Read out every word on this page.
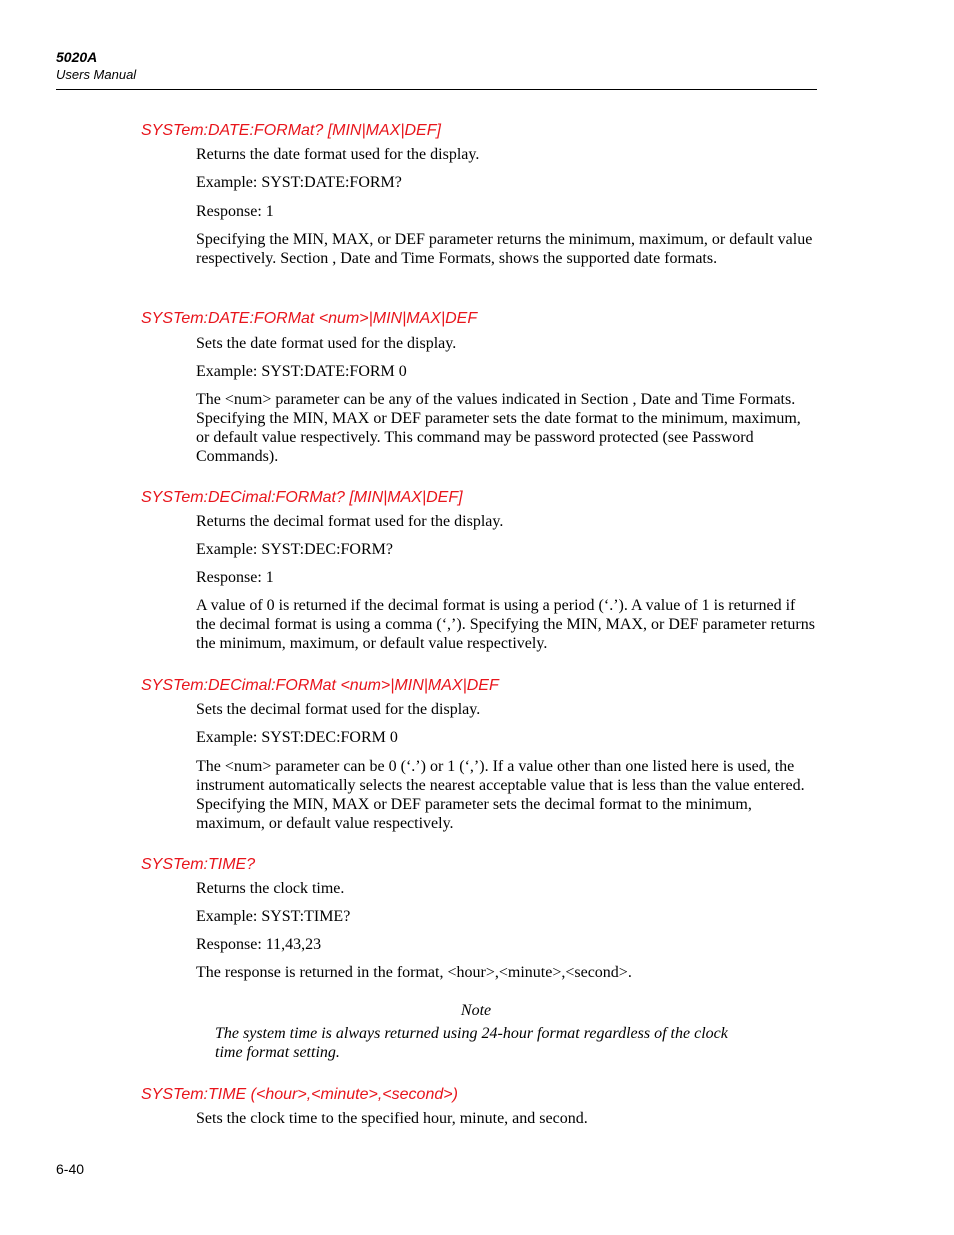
5020A
Users Manual
SYSTem:DATE:FORMat? [MIN|MAX|DEF]
Returns the date format used for the display.
Example: SYST:DATE:FORM?
Response: 1
Specifying the MIN, MAX, or DEF parameter returns the minimum, maximum, or default value respectively. Section , Date and Time Formats, shows the supported date formats.
SYSTem:DATE:FORMat <num>|MIN|MAX|DEF
Sets the date format used for the display.
Example: SYST:DATE:FORM 0
The <num> parameter can be any of the values indicated in Section , Date and Time Formats. Specifying the MIN, MAX or DEF parameter sets the date format to the minimum, maximum, or default value respectively. This command may be password protected (see Password Commands).
SYSTem:DECimal:FORMat? [MIN|MAX|DEF]
Returns the decimal format used for the display.
Example: SYST:DEC:FORM?
Response: 1
A value of 0 is returned if the decimal format is using a period (‘.’). A value of 1 is returned if the decimal format is using a comma (‘,’). Specifying the MIN, MAX, or DEF parameter returns the minimum, maximum, or default value respectively.
SYSTem:DECimal:FORMat <num>|MIN|MAX|DEF
Sets the decimal format used for the display.
Example: SYST:DEC:FORM 0
The <num> parameter can be 0 (‘.’) or 1 (‘,’). If a value other than one listed here is used, the instrument automatically selects the nearest acceptable value that is less than the value entered. Specifying the MIN, MAX or DEF parameter sets the decimal format to the minimum, maximum, or default value respectively.
SYSTem:TIME?
Returns the clock time.
Example: SYST:TIME?
Response: 11,43,23
The response is returned in the format, <hour>,<minute>,<second>.
Note
The system time is always returned using 24-hour format regardless of the clock time format setting.
SYSTem:TIME (<hour>,<minute>,<second>)
Sets the clock time to the specified hour, minute, and second.
6-40
